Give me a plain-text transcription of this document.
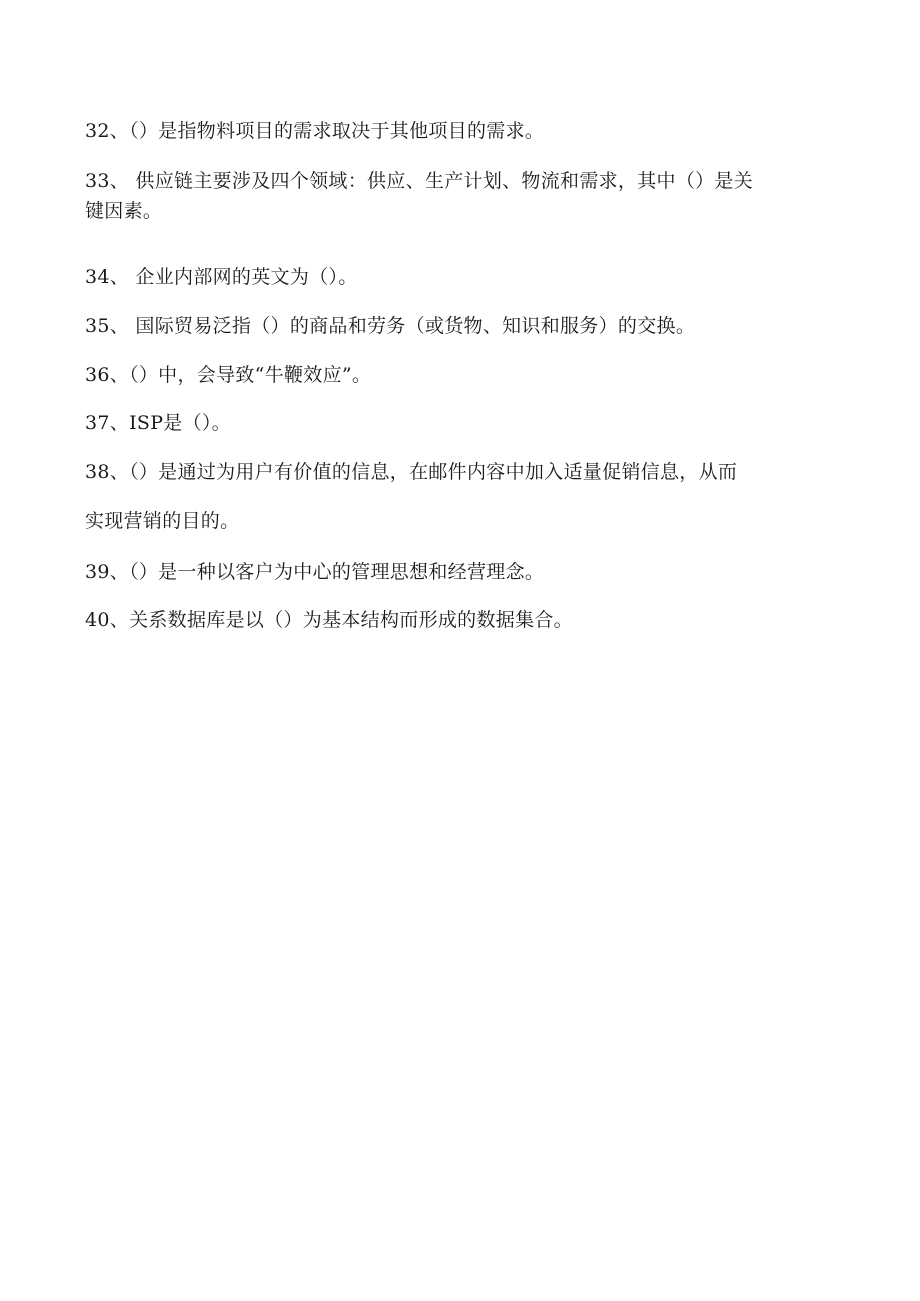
32、（）是指物料项目的需求取决于其他项目的需求。
33、 供应链主要涉及四个领域：供应、生产计划、物流和需求，其中（）是关
键因素。
34、 企业内部网的英文为（）。
35、 国际贸易泛指（）的商品和劳务（或货物、知识和服务）的交换。
36、（）中，会导致“牛鞭效应”。
37、ISP是（）。
38、（）是通过为用户有价值的信息，在邮件内容中加入适量促销信息，从而
实现营销的目的。
39、（）是一种以客户为中心的管理思想和经营理念。
40、关系数据库是以（）为基本结构而形成的数据集合。
